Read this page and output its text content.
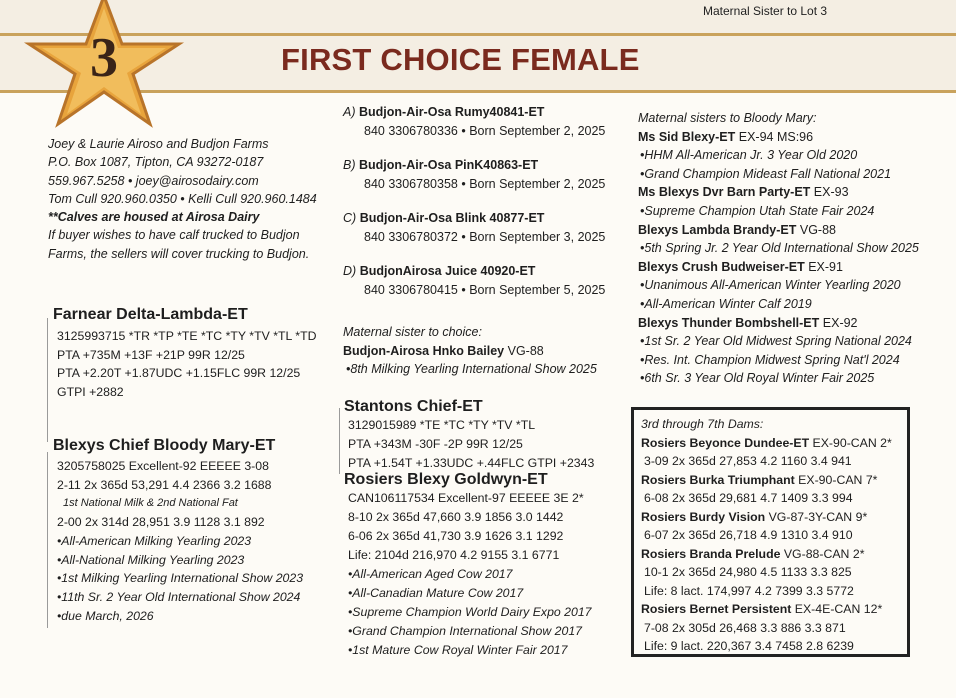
Maternal Sister to Lot 3
3	FIRST CHOICE FEMALE
Joey & Laurie Airoso and Budjon Farms
P.O. Box 1087, Tipton, CA 93272-0187
559.967.5258 • joey@airosodairy.com
Tom Cull 920.960.0350 • Kelli Cull 920.960.1484
**Calves are housed at Airosa Dairy
If buyer wishes to have calf trucked to Budjon
Farms, the sellers will cover trucking to Budjon.
Farnear Delta-Lambda-ET
3125993715 *TR *TP *TE *TC *TY *TV *TL *TD
PTA +735M +13F +21P 99R 12/25
PTA +2.20T +1.87UDC +1.15FLC 99R 12/25
GTPI +2882
Blexys Chief Bloody Mary-ET
3205758025 Excellent-92 EEEEE 3-08
2-11 2x 365d 53,291 4.4 2366 3.2 1688
1st National Milk & 2nd National Fat
2-00 2x 314d 28,951 3.9 1128 3.1 892
•All-American Milking Yearling 2023
•All-National Milking Yearling 2023
•1st Milking Yearling International Show 2023
•11th Sr. 2 Year Old International Show 2024
•due March, 2026
A) Budjon-Air-Osa Rumy40841-ET
840 3306780336 • Born September 2, 2025
B) Budjon-Air-Osa PinK40863-ET
840 3306780358 • Born September 2, 2025
C) Budjon-Air-Osa Blink 40877-ET
840 3306780372 • Born September 3, 2025
D) BudjonAirosa Juice 40920-ET
840 3306780415 • Born September 5, 2025
Maternal sister to choice:
Budjon-Airosa Hnko Bailey VG-88
•8th Milking Yearling International Show 2025
Stantons Chief-ET
3129015989 *TE *TC *TY *TV *TL
PTA +343M -30F -2P 99R 12/25
PTA +1.54T +1.33UDC +.44FLC GTPI +2343
Rosiers Blexy Goldwyn-ET
CAN106117534 Excellent-97 EEEEE 3E 2*
8-10 2x 365d 47,660 3.9 1856 3.0 1442
6-06 2x 365d 41,730 3.9 1626 3.1 1292
Life: 2104d 216,970 4.2 9155 3.1 6771
•All-American Aged Cow 2017
•All-Canadian Mature Cow 2017
•Supreme Champion World Dairy Expo 2017
•Grand Champion International Show 2017
•1st Mature Cow Royal Winter Fair 2017
Maternal sisters to Bloody Mary:
Ms Sid Blexy-ET EX-94 MS:96
•HHM All-American Jr. 3 Year Old 2020
•Grand Champion Mideast Fall National 2021
Ms Blexys Dvr Barn Party-ET EX-93
•Supreme Champion Utah State Fair 2024
Blexys Lambda Brandy-ET VG-88
•5th Spring Jr. 2 Year Old International Show 2025
Blexys Crush Budweiser-ET EX-91
•Unanimous All-American Winter Yearling 2020
•All-American Winter Calf 2019
Blexys Thunder Bombshell-ET EX-92
•1st Sr. 2 Year Old Midwest Spring National 2024
•Res. Int. Champion Midwest Spring Nat'l 2024
•6th Sr. 3 Year Old Royal Winter Fair 2025
3rd through 7th Dams:
Rosiers Beyonce Dundee-ET EX-90-CAN 2*
3-09 2x 365d 27,853 4.2 1160 3.4 941
Rosiers Burka Triumphant EX-90-CAN 7*
6-08 2x 365d 29,681 4.7 1409 3.3 994
Rosiers Burdy Vision VG-87-3Y-CAN 9*
6-07 2x 365d 26,718 4.9 1310 3.4 910
Rosiers Branda Prelude VG-88-CAN 2*
10-1 2x 365d 24,980 4.5 1133 3.3 825
Life: 8 lact. 174,997 4.2 7399 3.3 5772
Rosiers Bernet Persistent EX-4E-CAN 12*
7-08 2x 305d 26,468 3.3 886 3.3 871
Life: 9 lact. 220,367 3.4 7458 2.8 6239
